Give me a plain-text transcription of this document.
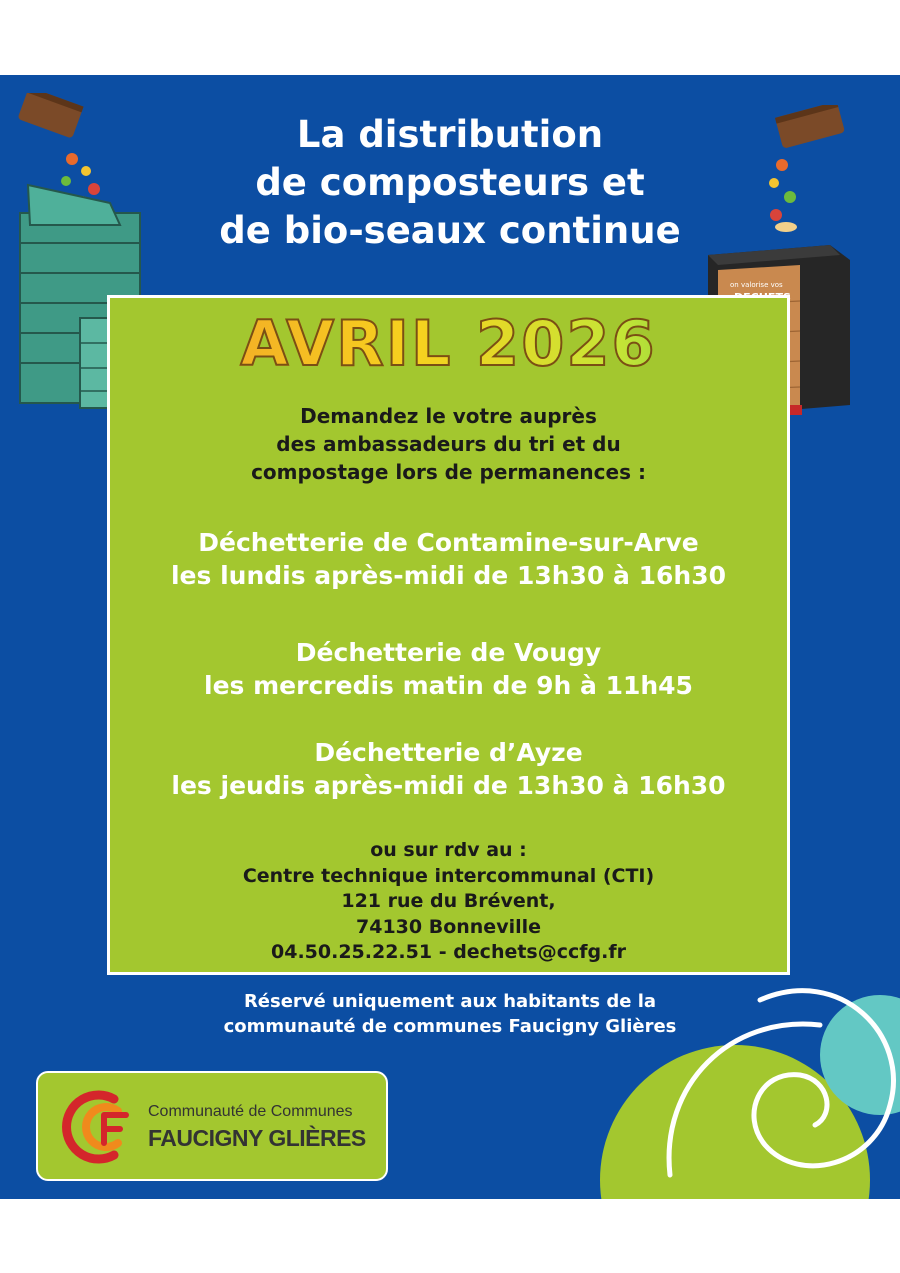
on valorise vos
La distribution
de composteurs et
de bio-seaux continue
AVRIL 2026
Demandez le votre auprès
des ambassadeurs du tri et du
compostage lors de permanences :
Déchetterie de Contamine-sur-Arve
les lundis après-midi de 13h30 à 16h30
Déchetterie de Vougy
les mercredis matin de 9h à 11h45
Déchetterie d’Ayze
les jeudis après-midi de 13h30 à 16h30
ou sur rdv au :
Centre technique intercommunal (CTI)
121 rue du Brévent,
74130 Bonneville
04.50.25.22.51 - dechets@ccfg.fr
Réservé uniquement aux habitants de la
communauté de communes Faucigny Glières
Communauté de Communes
FAUCIGNY GLIÈRES
